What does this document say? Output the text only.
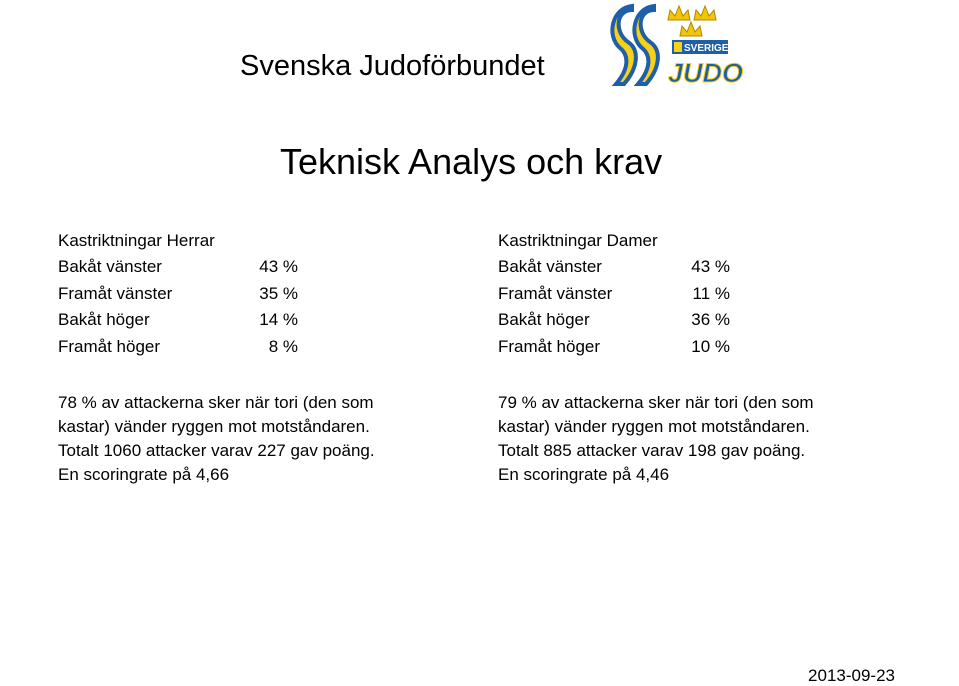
Svenska Judoförbundet
SVERIGE
JUDO
Teknisk Analys och krav
Kastriktningar Herrar
Bakåt vänster	43 %
Framåt vänster	35 %
Bakåt höger	14 %
Framåt höger	8 %
Kastriktningar Damer
Bakåt vänster	43 %
Framåt vänster	11 %
Bakåt höger	36 %
Framåt höger	10 %

78 % av attackerna sker när tori (den som kastar) vänder ryggen mot motståndaren.

Totalt 1060 attacker varav 227 gav poäng.

En scoringrate på 4,66

79 % av attackerna sker när tori (den som kastar) vänder ryggen mot motståndaren.

Totalt 885 attacker varav 198 gav poäng.

En scoringrate på 4,46

2013-09-23
